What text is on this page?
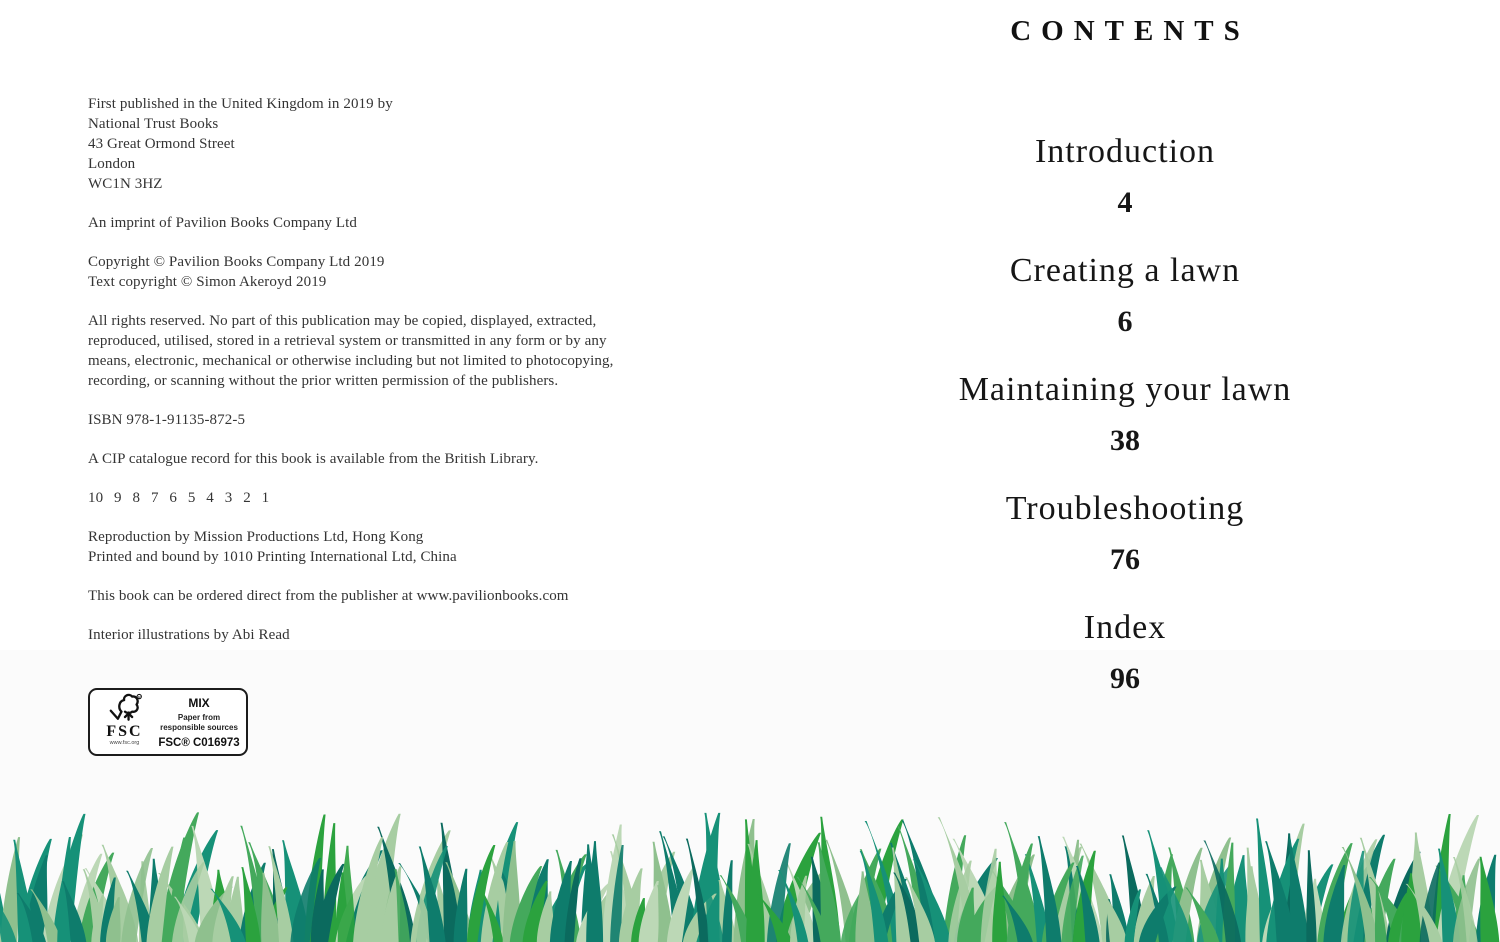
First published in the United Kingdom in 2019 by
National Trust Books
43 Great Ormond Street
London
WC1N 3HZ

An imprint of Pavilion Books Company Ltd

Copyright © Pavilion Books Company Ltd 2019
Text copyright © Simon Akeroyd 2019

All rights reserved. No part of this publication may be copied, displayed, extracted,
reproduced, utilised, stored in a retrieval system or transmitted in any form or by any
means, electronic, mechanical or otherwise including but not limited to photocopying,
recording, or scanning without the prior written permission of the publishers.

ISBN 978-1-91135-872-5

A CIP catalogue record for this book is available from the British Library.

10 9 8 7 6 5 4 3 2 1

Reproduction by Mission Productions Ltd, Hong Kong
Printed and bound by 1010 Printing International Ltd, China

This book can be ordered direct from the publisher at www.pavilionbooks.com

Interior illustrations by Abi Read

R
FSC
www.fsc.org
MIX
Paper from
responsible sources
FSC® C016973
CONTENTS
Introduction
4
Creating a lawn
6
Maintaining your lawn
38
Troubleshooting
76
Index
96
